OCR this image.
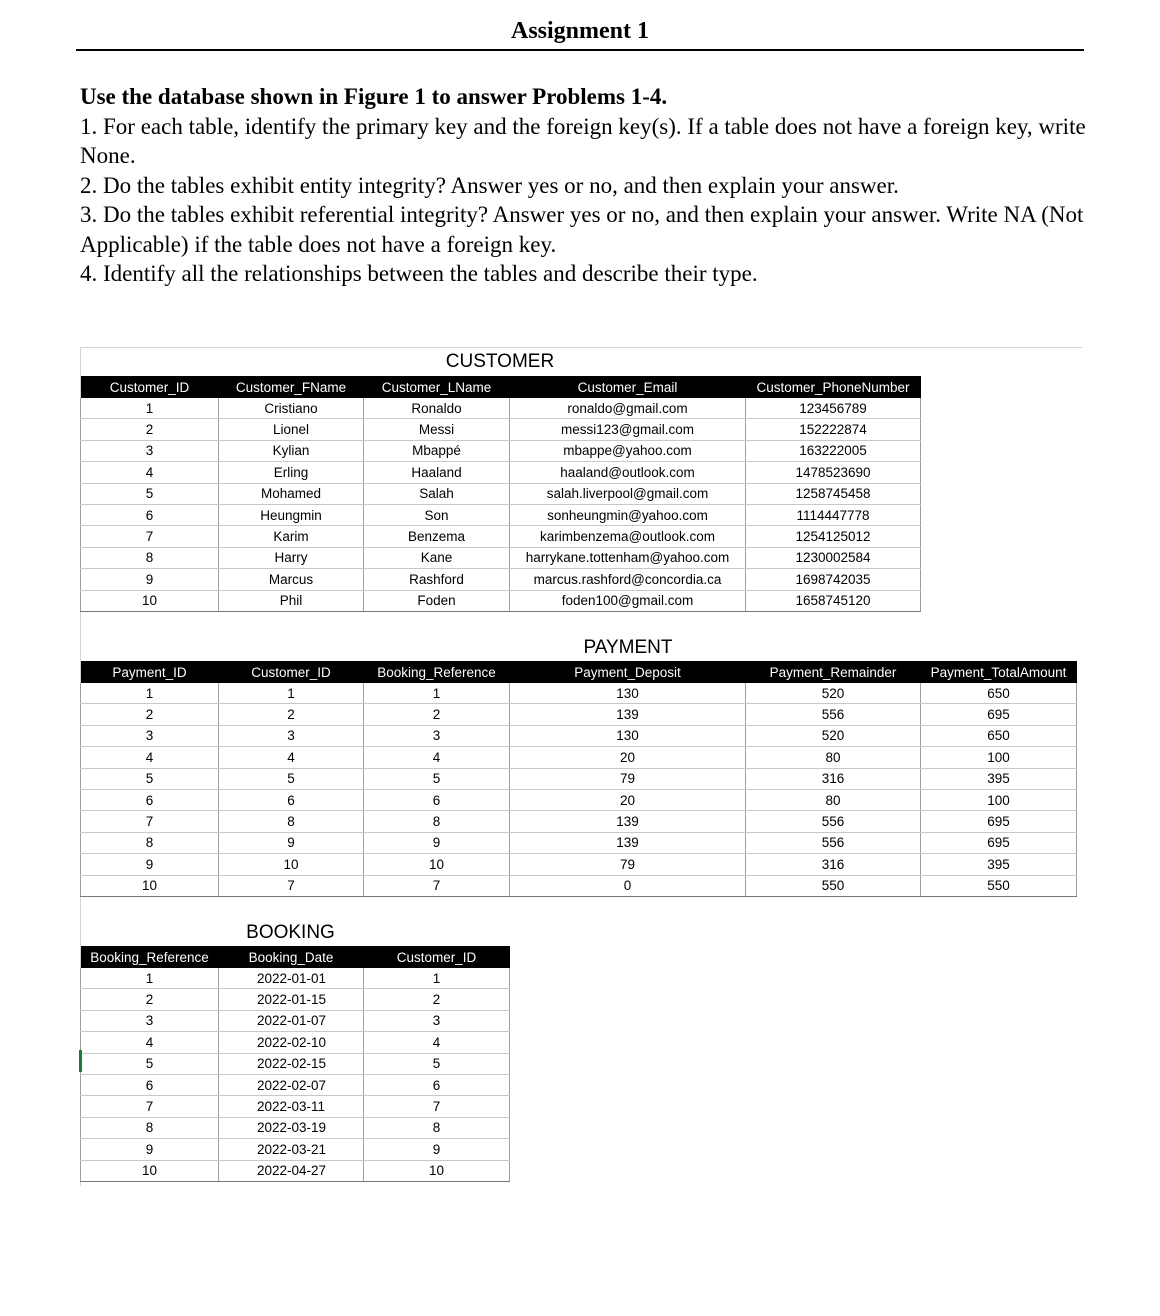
Assignment 1

Use the database shown in Figure 1 to answer Problems 1-4.

1. For each table, identify the primary key and the foreign key(s). If a table does not have a foreign key, write None.

2. Do the tables exhibit entity integrity? Answer yes or no, and then explain your answer.

3. Do the tables exhibit referential integrity? Answer yes or no, and then explain your answer. Write NA (Not Applicable) if the table does not have a foreign key.

4. Identify all the relationships between the tables and describe their type.

CUSTOMER
Customer_ID	Customer_FName	Customer_LName	Customer_Email	Customer_PhoneNumber
1	Cristiano	Ronaldo	ronaldo@gmail.com	123456789
2	Lionel	Messi	messi123@gmail.com	152222874
3	Kylian	Mbappé	mbappe@yahoo.com	163222005
4	Erling	Haaland	haaland@outlook.com	1478523690
5	Mohamed	Salah	salah.liverpool@gmail.com	1258745458
6	Heungmin	Son	sonheungmin@yahoo.com	1114447778
7	Karim	Benzema	karimbenzema@outlook.com	1254125012
8	Harry	Kane	harrykane.tottenham@yahoo.com	1230002584
9	Marcus	Rashford	marcus.rashford@concordia.ca	1698742035
10	Phil	Foden	foden100@gmail.com	1658745120
PAYMENT
Payment_ID	Customer_ID	Booking_Reference	Payment_Deposit	Payment_Remainder	Payment_TotalAmount
1	1	1	130	520	650
2	2	2	139	556	695
3	3	3	130	520	650
4	4	4	20	80	100
5	5	5	79	316	395
6	6	6	20	80	100
7	8	8	139	556	695
8	9	9	139	556	695
9	10	10	79	316	395
10	7	7	0	550	550
BOOKING
Booking_Reference	Booking_Date	Customer_ID
1	2022-01-01	1
2	2022-01-15	2
3	2022-01-07	3
4	2022-02-10	4
5	2022-02-15	5
6	2022-02-07	6
7	2022-03-11	7
8	2022-03-19	8
9	2022-03-21	9
10	2022-04-27	10
